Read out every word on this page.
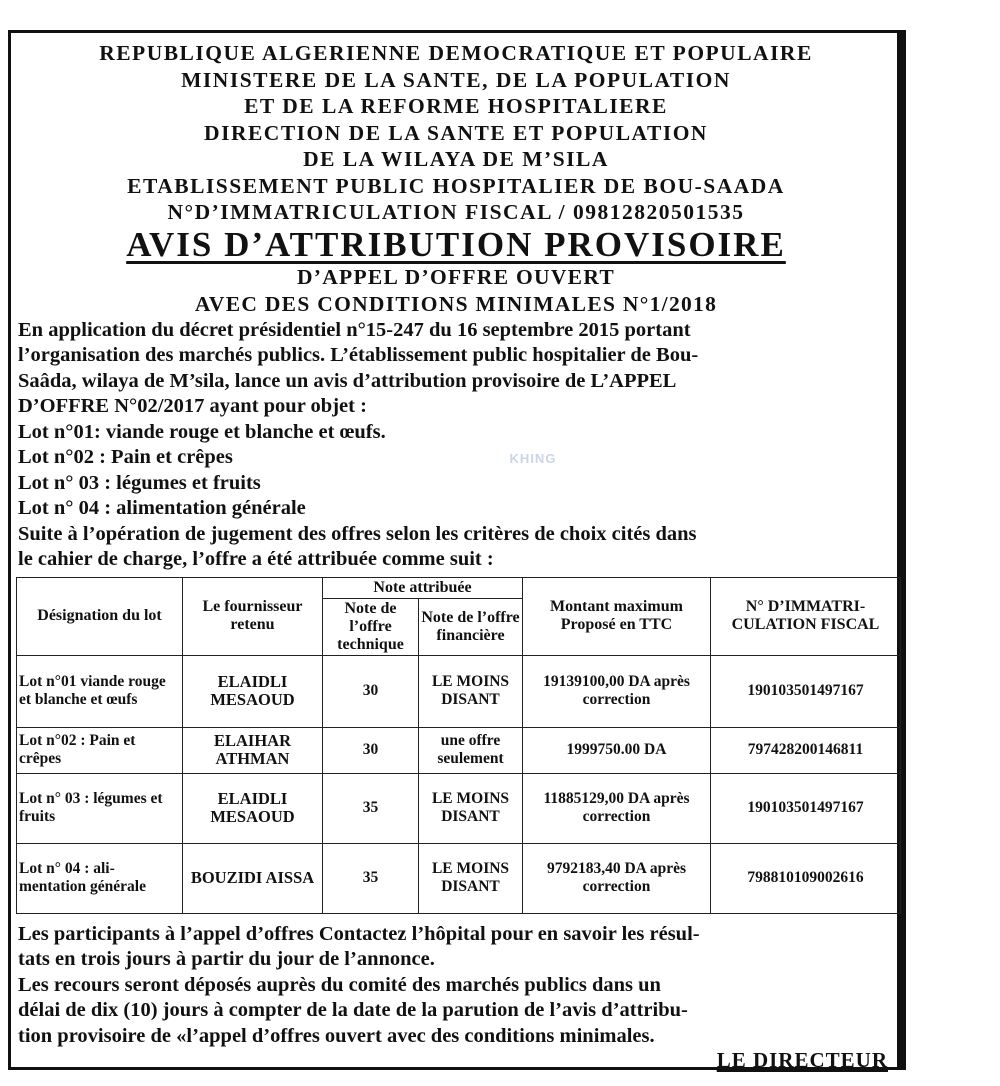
REPUBLIQUE ALGERIENNE DEMOCRATIQUE ET POPULAIRE
MINISTERE DE LA SANTE, DE LA POPULATION
ET DE LA REFORME HOSPITALIERE
DIRECTION DE LA SANTE ET POPULATION
DE LA WILAYA DE M’SILA
ETABLISSEMENT PUBLIC HOSPITALIER DE BOU-SAADA
N°D’IMMATRICULATION FISCAL / 09812820501535
AVIS D’ATTRIBUTION PROVISOIRE
D’APPEL D’OFFRE OUVERT
AVEC DES CONDITIONS MINIMALES N°1/2018
En application du décret présidentiel n°15-247 du 16 septembre 2015 portant
l’organisation des marchés publics. L’établissement public hospitalier de Bou-
Saâda, wilaya de M’sila, lance un avis d’attribution provisoire de L’APPEL
D’OFFRE N°02/2017 ayant pour objet :
Lot n°01: viande rouge et blanche et œufs.
Lot n°02 : Pain et crêpes
Lot n° 03 : légumes et fruits
Lot n° 04 : alimentation générale
Suite à l’opération de jugement des offres selon les critères de choix cités dans
le cahier de charge, l’offre a été attribuée comme suit :
Désignation du lot	Le fournisseur retenu	Note attribuée		Montant maximum Proposé en TTC	N° D’IMMATRI-CULATION FISCAL
		Note de l’offre technique	Note de l’offre financière		
Lot n°01 viande rouge et blanche et œufs	ELAIDLI MESAOUD	30	LE MOINS DISANT	19139100,00 DA après correction	190103501497167
Lot n°02 : Pain et crêpes	ELAIHAR ATHMAN	30	une offre seulement	1999750.00 DA	797428200146811
Lot n° 03 : légumes et fruits	ELAIDLI MESAOUD	35	LE MOINS DISANT	11885129,00 DA après correction	190103501497167
Lot n° 04 : ali-mentation générale	BOUZIDI AISSA	35	LE MOINS DISANT	9792183,40 DA après correction	798810109002616
Les participants à l’appel d’offres Contactez l’hôpital pour en savoir les résul-
tats en trois jours à partir du jour de l’annonce.
Les recours seront déposés auprès du comité des marchés publics dans un
délai de dix (10) jours à compter de la date de la parution de l’avis d’attribu-
tion provisoire de «l’appel d’offres ouvert avec des conditions minimales.
LE DIRECTEUR
KHING
